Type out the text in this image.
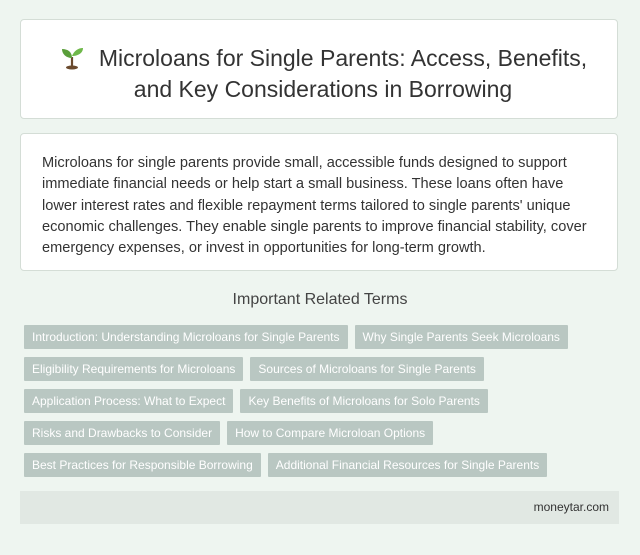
Microloans for Single Parents: Access, Benefits, and Key Considerations in Borrowing

Microloans for single parents provide small, accessible funds designed to support immediate financial needs or help start a small business. These loans often have lower interest rates and flexible repayment terms tailored to single parents' unique economic challenges. They enable single parents to improve financial stability, cover emergency expenses, or invest in opportunities for long-term growth.

Important Related Terms
Introduction: Understanding Microloans for Single Parents	Why Single Parents Seek Microloans
Eligibility Requirements for Microloans	Sources of Microloans for Single Parents
Application Process: What to Expect	Key Benefits of Microloans for Solo Parents
Risks and Drawbacks to Consider	How to Compare Microloan Options
Best Practices for Responsible Borrowing	Additional Financial Resources for Single Parents
moneytar.com
